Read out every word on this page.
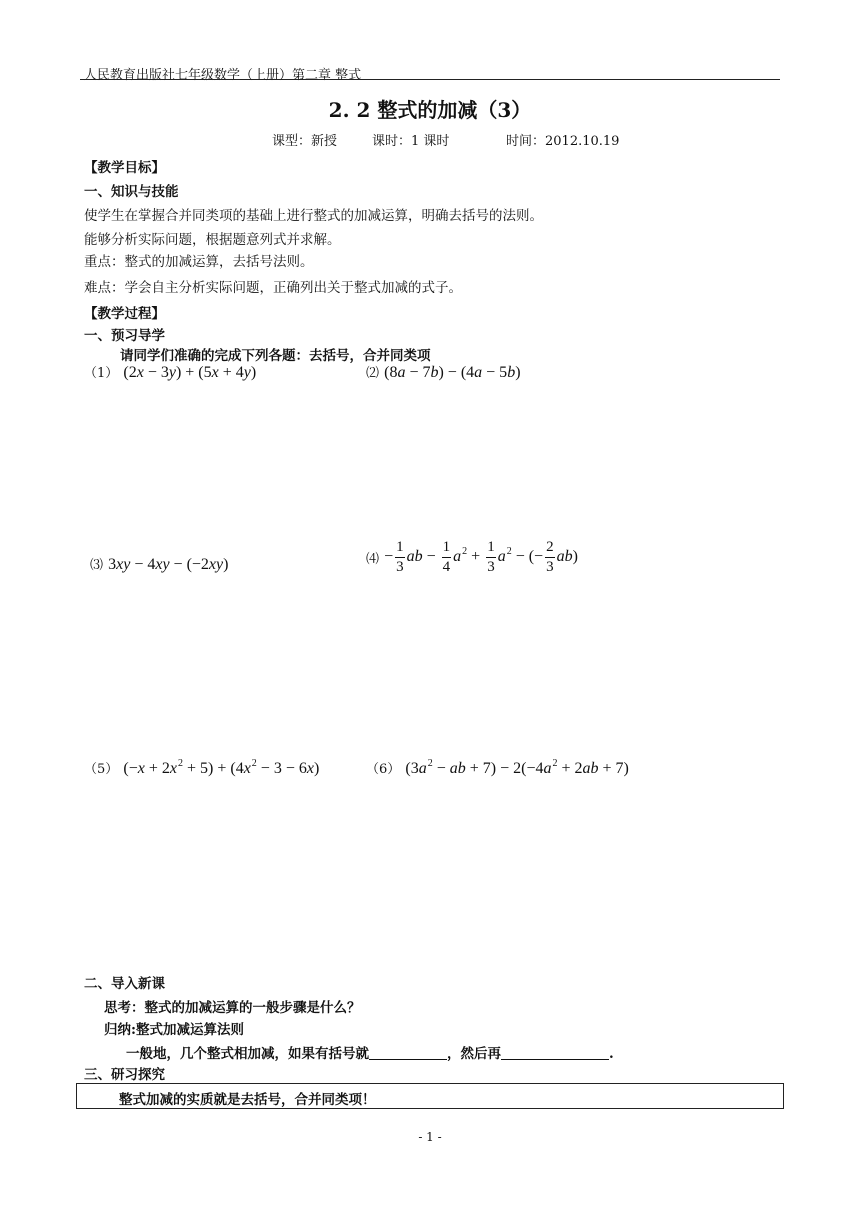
人民教育出版社七年级数学（上册）第二章 整式
2. 2 整式的加减（3）
课型：新授	课时：1 课时	时间：2012.10.19
【教学目标】
一、知识与技能
使学生在掌握合并同类项的基础上进行整式的加减运算，明确去括号的法则。
能够分析实际问题，根据题意列式并求解。
重点：整式的加减运算，去括号法则。
难点：学会自主分析实际问题，正确列出关于整式加减的式子。
【教学过程】
一、预习导学
请同学们准确的完成下列各题：去括号，合并同类项
（1） (2x − 3y) + (5x + 4y)	⑵ (8a − 7b) − (4a − 5b)
⑶ 3xy − 4xy − (−2xy)	⑷ − $\frac{1}{3}$ ab − $\frac{1}{4} a^2 + \frac{1}{3} a^2$ − (− $\frac{2}{3} ab$)
（5） $(-x + 2x^2 + 5) + (4x^2 - 3 - 6x)$	（6） ($3a^2$ − ab + $7) - 2(-4a^2 + 2ab + 7)$
二、导入新课
思考：整式的加减运算的一般步骤是什么？
归纳:整式加减运算法则
一般地，几个整式相加减，如果有括号就	，然后再	.
三、研习探究
整式加减的实质就是去括号，合并同类项！
- 1 -
